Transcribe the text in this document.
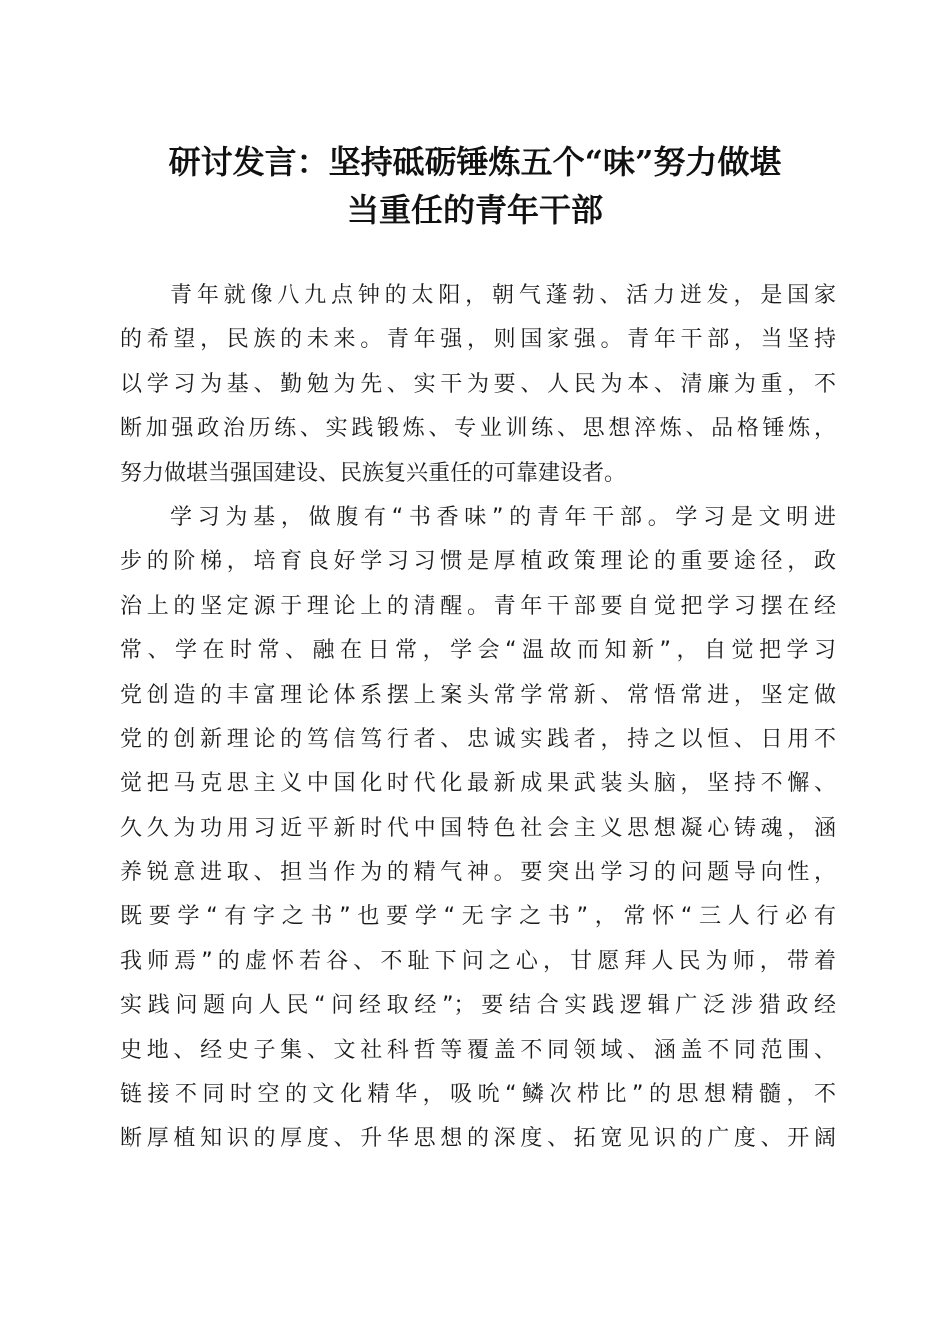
研讨发言：坚持砥砺锤炼五个“味”努力做堪
当重任的青年干部
青年就像八九点钟的太阳，朝气蓬勃、活力迸发，是国家
的希望，民族的未来。青年强，则国家强。青年干部，当坚持
以学习为基、勤勉为先、实干为要、人民为本、清廉为重，不
断加强政治历练、实践锻炼、专业训练、思想淬炼、品格锤炼，
努力做堪当强国建设、民族复兴重任的可靠建设者。
学习为基，做腹有“书香味”的青年干部。学习是文明进
步的阶梯，培育良好学习习惯是厚植政策理论的重要途径，政
治上的坚定源于理论上的清醒。青年干部要自觉把学习摆在经
常、学在时常、融在日常，学会“温故而知新”，自觉把学习
党创造的丰富理论体系摆上案头常学常新、常悟常进，坚定做
党的创新理论的笃信笃行者、忠诚实践者，持之以恒、日用不
觉把马克思主义中国化时代化最新成果武装头脑，坚持不懈、
久久为功用习近平新时代中国特色社会主义思想凝心铸魂，涵
养锐意进取、担当作为的精气神。要突出学习的问题导向性，
既要学“有字之书”也要学“无字之书”，常怀“三人行必有
我师焉”的虚怀若谷、不耻下问之心，甘愿拜人民为师，带着
实践问题向人民“问经取经”；要结合实践逻辑广泛涉猎政经
史地、经史子集、文社科哲等覆盖不同领域、涵盖不同范围、
链接不同时空的文化精华，吸吮“鳞次栉比”的思想精髓，不
断厚植知识的厚度、升华思想的深度、拓宽见识的广度、开阔
